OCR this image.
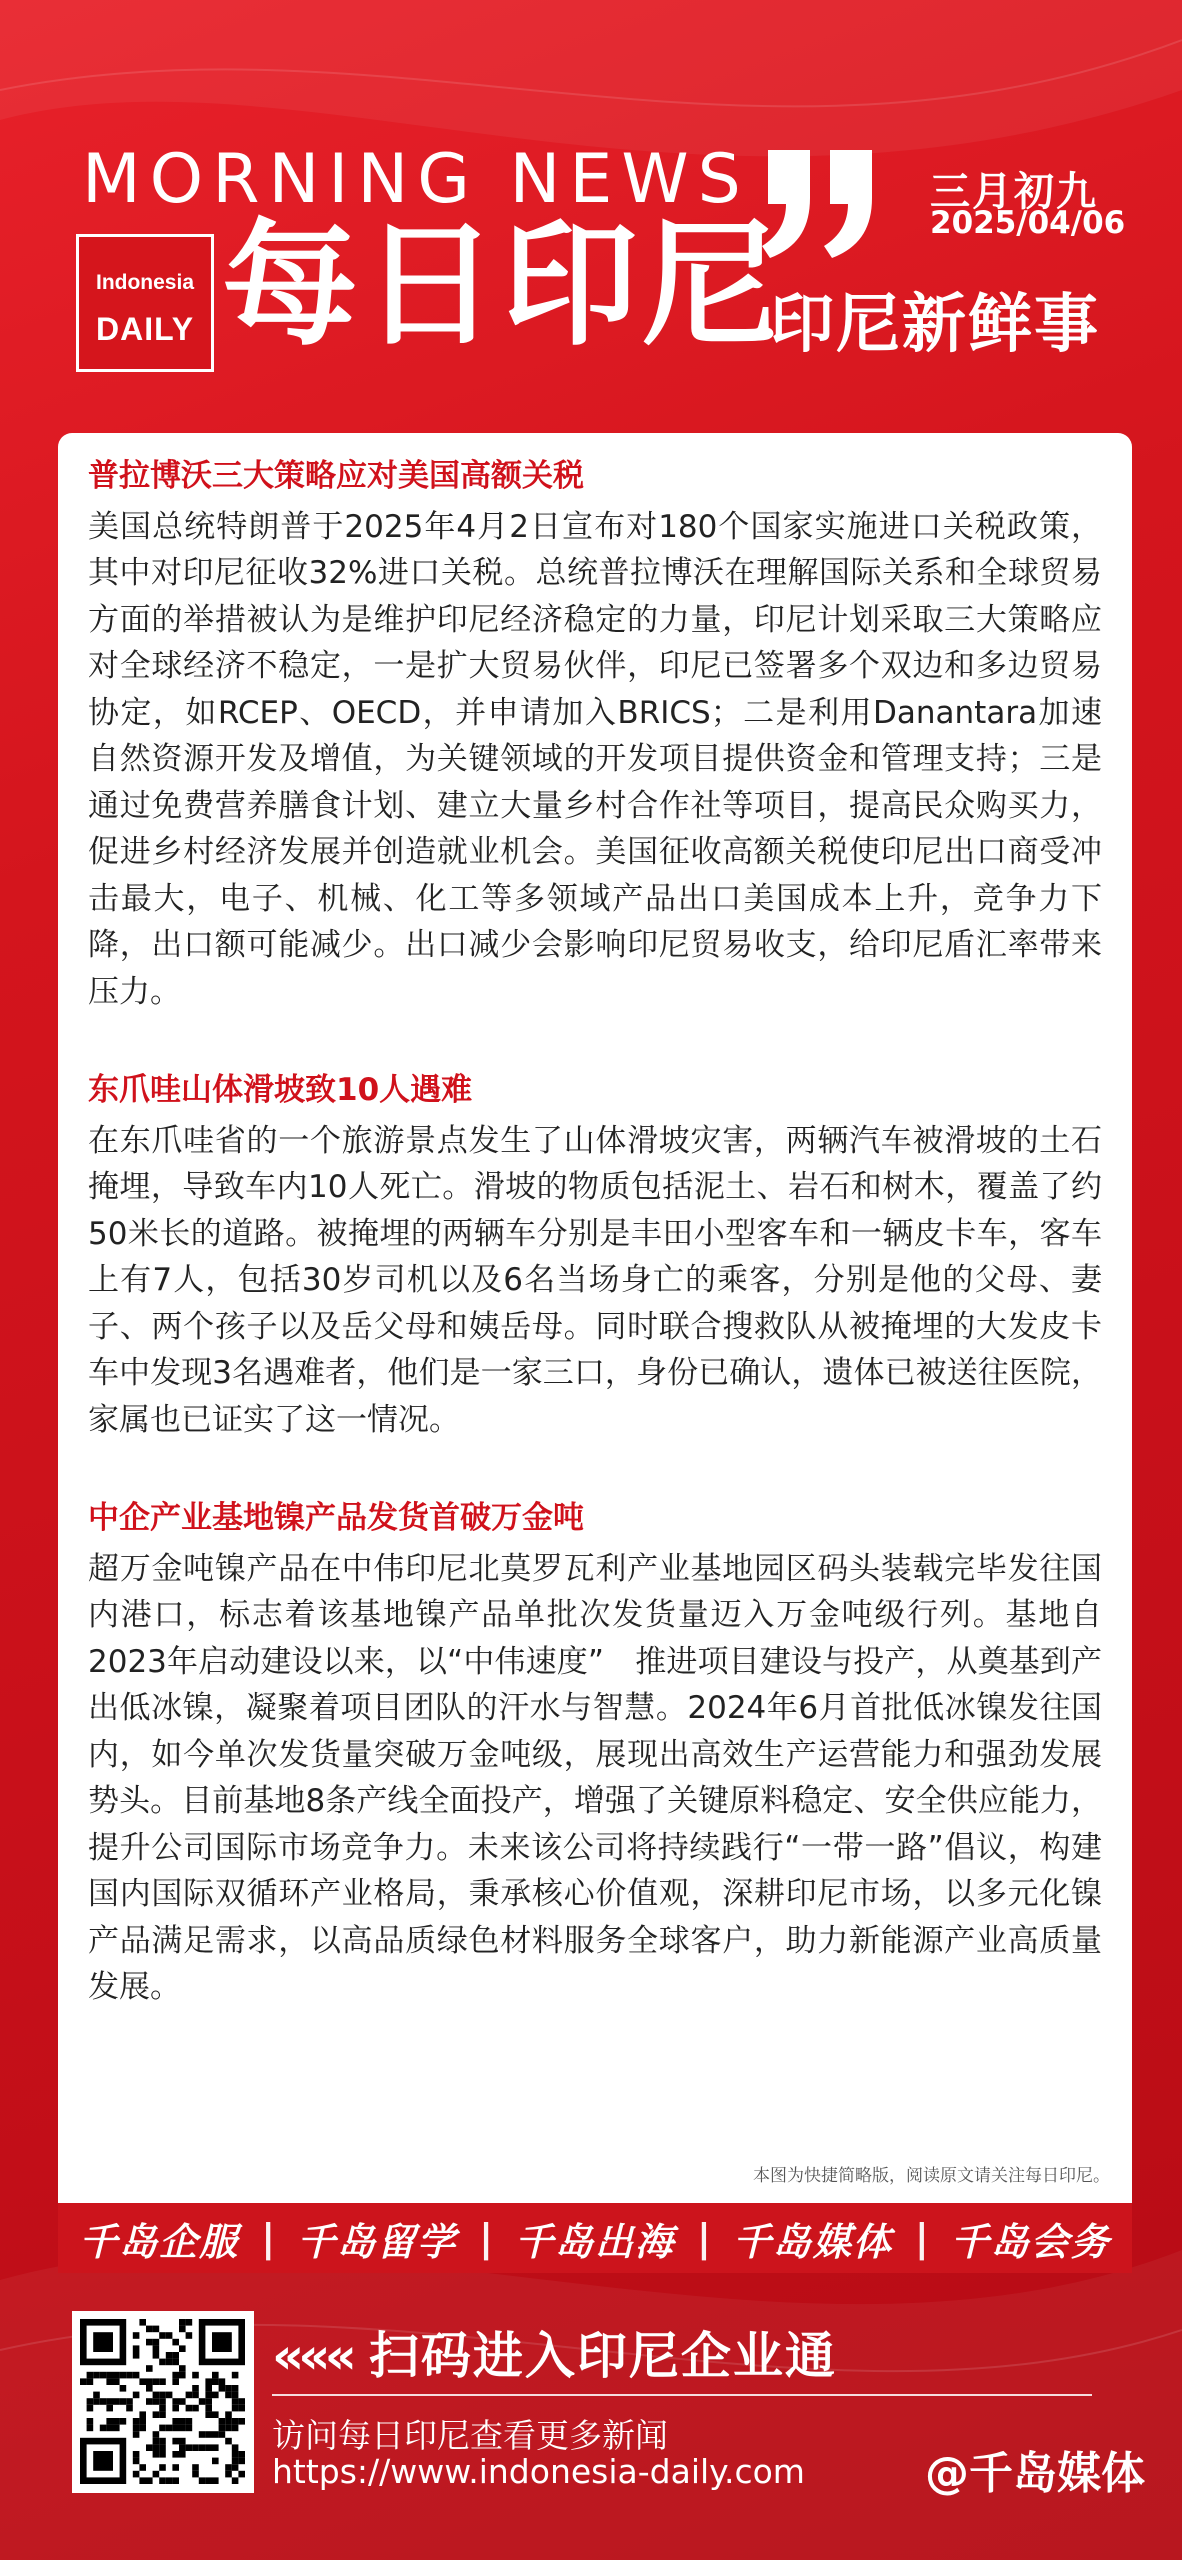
MORNING NEWS	三月初九
2025/04/06
Indonesia
DAILY 每日印尼
印尼新鲜事
普拉博沃三大策略应对美国高额关税

美国总统特朗普于2025年4月2日宣布对180个国家实施进口关税政策，其中对印尼征收32%进口关税。总统普拉博沃在理解国际关系和全球贸易方面的举措被认为是维护印尼经济稳定的力量，印尼计划采取三大策略应对全球经济不稳定，一是扩大贸易伙伴，印尼已签署多个双边和多边贸易协定，如RCEP、OECD，并申请加入BRICS；二是利用Danantara加速自然资源开发及增值，为关键领域的开发项目提供资金和管理支持；三是通过免费营养膳食计划、建立大量乡村合作社等项目，提高民众购买力，促进乡村经济发展并创造就业机会。美国征收高额关税使印尼出口商受冲击最大，电子、机械、化工等多领域产品出口美国成本上升，竞争力下降，出口额可能减少。出口减少会影响印尼贸易收支，给印尼盾汇率带来压力。

东爪哇山体滑坡致10人遇难

在东爪哇省的一个旅游景点发生了山体滑坡灾害，两辆汽车被滑坡的土石掩埋，导致车内10人死亡。滑坡的物质包括泥土、岩石和树木，覆盖了约50米长的道路。被掩埋的两辆车分别是丰田小型客车和一辆皮卡车，客车上有7人，包括30岁司机以及6名当场身亡的乘客，分别是他的父母、妻子、两个孩子以及岳父母和姨岳母。同时联合搜救队从被掩埋的大发皮卡车中发现3名遇难者，他们是一家三口，身份已确认，遗体已被送往医院，家属也已证实了这一情况。

中企产业基地镍产品发货首破万金吨

超万金吨镍产品在中伟印尼北莫罗瓦利产业基地园区码头装载完毕发往国内港口，标志着该基地镍产品单批次发货量迈入万金吨级行列。基地自2023年启动建设以来，以“中伟速度”　推进项目建设与投产，从奠基到产出低冰镍，凝聚着项目团队的汗水与智慧。2024年6月首批低冰镍发往国内，如今单次发货量突破万金吨级，展现出高效生产运营能力和强劲发展势头。目前基地8条产线全面投产，增强了关键原料稳定、安全供应能力，提升公司国际市场竞争力。未来该公司将持续践行“一带一路”倡议，构建国内国际双循环产业格局，秉承核心价值观，深耕印尼市场，以多元化镍产品满足需求，以高品质绿色材料服务全球客户，助力新能源产业高质量发展。

本图为快捷简略版，阅读原文请关注每日印尼。
千岛企服 | 千岛留学 | 千岛出海 | 千岛媒体 | 千岛会务
««« 扫码进入印尼企业通
访问每日印尼查看更多新闻
https://www.indonesia-daily.com	@千岛媒体
